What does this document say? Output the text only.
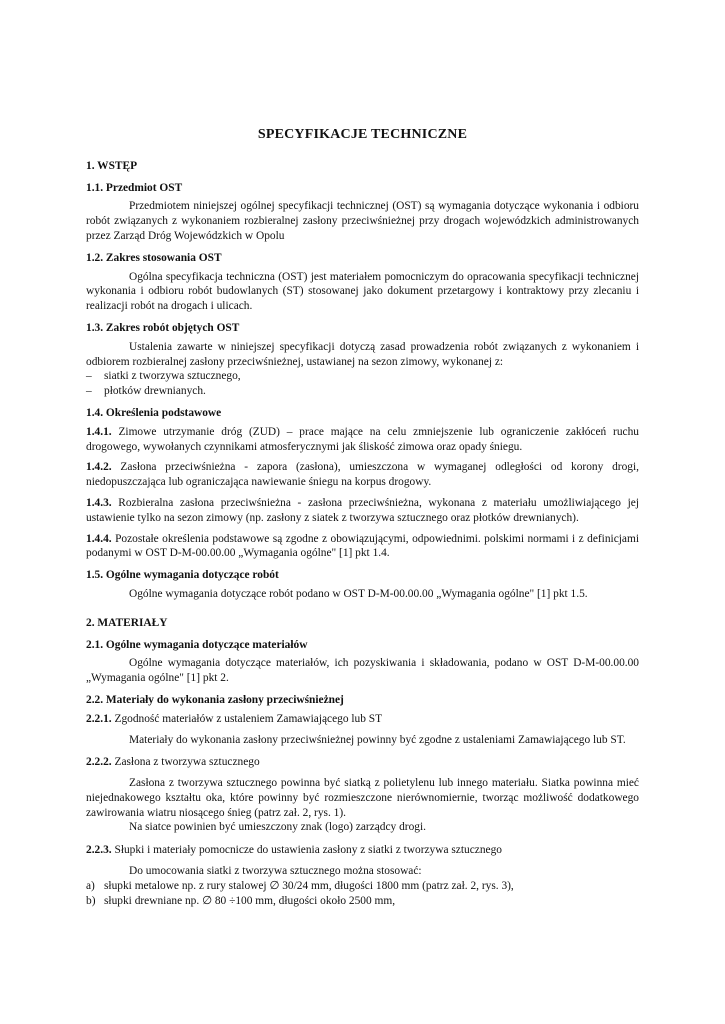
SPECYFIKACJE TECHNICZNE
1. WSTĘP
1.1. Przedmiot OST

Przedmiotem niniejszej ogólnej specyfikacji technicznej (OST) są wymagania dotyczące wykonania i odbioru robót związanych z wykonaniem rozbieralnej zasłony przeciwśnieżnej przy drogach wojewódzkich administrowanych przez Zarząd Dróg Wojewódzkich w Opolu

1.2. Zakres stosowania OST

Ogólna specyfikacja techniczna (OST) jest materiałem pomocniczym do opracowania specyfikacji technicznej wykonania i odbioru robót budowlanych (ST) stosowanej jako dokument przetargowy i kontraktowy przy zlecaniu i realizacji robót na drogach i ulicach.

1.3. Zakres robót objętych OST

Ustalenia zawarte w niniejszej specyfikacji dotyczą zasad prowadzenia robót związanych z wykonaniem i odbiorem rozbieralnej zasłony przeciwśnieżnej, ustawianej na sezon zimowy, wykonanej z:

– siatki z tworzywa sztucznego,
– płotków drewnianych.
1.4. Określenia podstawowe

1.4.1. Zimowe utrzymanie dróg (ZUD) – prace mające na celu zmniejszenie lub ograniczenie zakłóceń ruchu drogowego, wywołanych czynnikami atmosferycznymi jak śliskość zimowa oraz opady śniegu.

1.4.2. Zasłona przeciwśnieżna - zapora (zasłona), umieszczona w wymaganej odległości od korony drogi, niedopuszczająca lub ograniczająca nawiewanie śniegu na korpus drogowy.

1.4.3. Rozbieralna zasłona przeciwśnieżna - zasłona przeciwśnieżna, wykonana z materiału umożliwiającego jej ustawienie tylko na sezon zimowy (np. zasłony z siatek z tworzywa sztucznego oraz płotków drewnianych).

1.4.4. Pozostałe określenia podstawowe są zgodne z obowiązującymi, odpowiednimi. polskimi normami i z definicjami podanymi w OST D-M-00.00.00 „Wymagania ogólne" [1] pkt 1.4.

1.5. Ogólne wymagania dotyczące robót

Ogólne wymagania dotyczące robót podano w OST D-M-00.00.00 „Wymagania ogólne" [1] pkt 1.5.

2. MATERIAŁY
2.1. Ogólne wymagania dotyczące materiałów

Ogólne wymagania dotyczące materiałów, ich pozyskiwania i składowania, podano w OST D-M-00.00.00 „Wymagania ogólne" [1] pkt 2.

2.2. Materiały do wykonania zasłony przeciwśnieżnej

2.2.1. Zgodność materiałów z ustaleniem Zamawiającego lub ST

Materiały do wykonania zasłony przeciwśnieżnej powinny być zgodne z ustaleniami Zamawiającego lub ST.

2.2.2. Zasłona z tworzywa sztucznego

Zasłona z tworzywa sztucznego powinna być siatką z polietylenu lub innego materiału. Siatka powinna mieć niejednakowego kształtu oka, które powinny być rozmieszczone nierównomiernie, tworząc możliwość dodatkowego zawirowania wiatru niosącego śnieg (patrz zał. 2, rys. 1).

Na siatce powinien być umieszczony znak (logo) zarządcy drogi.

2.2.3. Słupki i materiały pomocnicze do ustawienia zasłony z siatki z tworzywa sztucznego

Do umocowania siatki z tworzywa sztucznego można stosować:

a) słupki metalowe np. z rury stalowej ∅ 30/24 mm, długości 1800 mm (patrz zał. 2, rys. 3),
b) słupki drewniane np. ∅ 80 ÷100 mm, długości około 2500 mm,
